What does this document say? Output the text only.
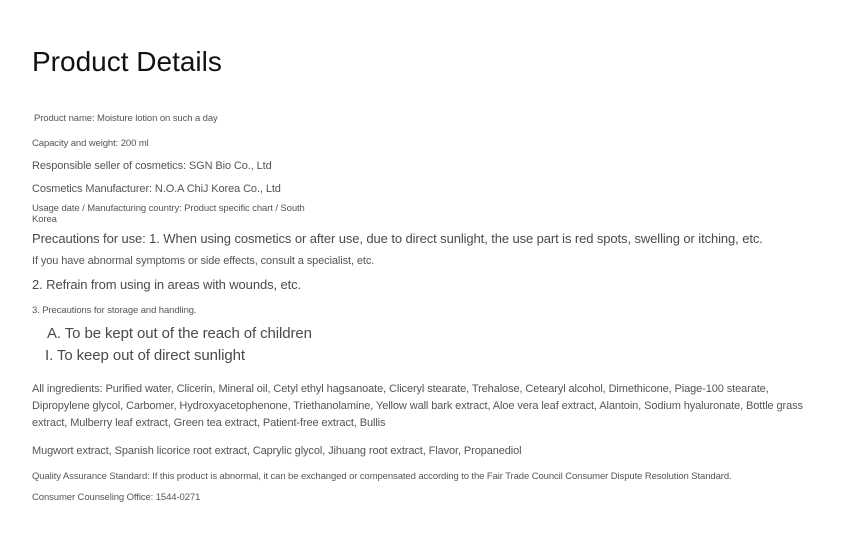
Product Details
Product name: Moisture lotion on such a day
Capacity and weight: 200 ml
Responsible seller of cosmetics: SGN Bio Co., Ltd
Cosmetics Manufacturer: N.O.A ChiJ Korea Co., Ltd
Usage date / Manufacturing country: Product specific chart / South Korea
Precautions for use: 1. When using cosmetics or after use, due to direct sunlight, the use part is red spots, swelling or itching, etc.
If you have abnormal symptoms or side effects, consult a specialist, etc.
2. Refrain from using in areas with wounds, etc.
3. Precautions for storage and handling.
A. To be kept out of the reach of children
I. To keep out of direct sunlight
All ingredients: Purified water, Clicerin, Mineral oil, Cetyl ethyl hagsanoate, Cliceryl stearate, Trehalose, Cetearyl alcohol, Dimethicone, Piage-100 stearate, Dipropylene glycol, Carbomer, Hydroxyacetophenone, Triethanolamine, Yellow wall bark extract, Aloe vera leaf extract, Alantoin, Sodium hyaluronate, Bottle grass extract, Mulberry leaf extract, Green tea extract, Patient-free extract, Bullis
Mugwort extract, Spanish licorice root extract, Caprylic glycol, Jihuang root extract, Flavor, Propanediol
Quality Assurance Standard: If this product is abnormal, it can be exchanged or compensated according to the Fair Trade Council Consumer Dispute Resolution Standard.
Consumer Counseling Office: 1544-0271
